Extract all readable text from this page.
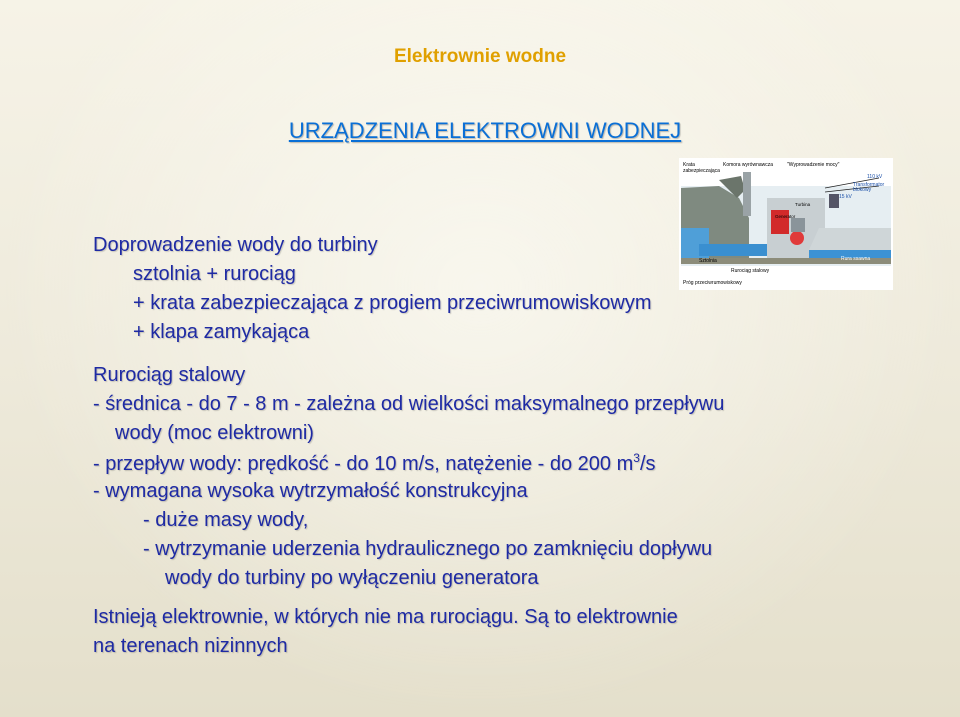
Elektrownie wodne
URZĄDZENIA ELEKTROWNI WODNEJ
Krata
zabezpieczająca
Komora wyrównawcza	"Wyprowadzenie mocy"
110 kV
Transformator
blokowy
15 kV
Turbina
Generator
Sztolnia
Rurociąg stalowy
Rura ssawna
Próg przeciwrumowiskowy
Doprowadzenie wody do turbiny
sztolnia + rurociąg
+ krata zabezpieczająca z progiem przeciwrumowiskowym
+ klapa zamykająca
Rurociąg stalowy
- średnica - do 7 - 8 m - zależna od wielkości maksymalnego przepływu
wody (moc elektrowni)
- przepływ wody: prędkość - do 10 m/s, natężenie - do 200 $m^3/s$
- wymagana wysoka wytrzymałość konstrukcyjna
- duże masy wody,
- wytrzymanie uderzenia hydraulicznego po zamknięciu dopływu
wody do turbiny po wyłączeniu generatora
Istnieją elektrownie, w których nie ma rurociągu. Są to elektrownie
na terenach nizinnych
